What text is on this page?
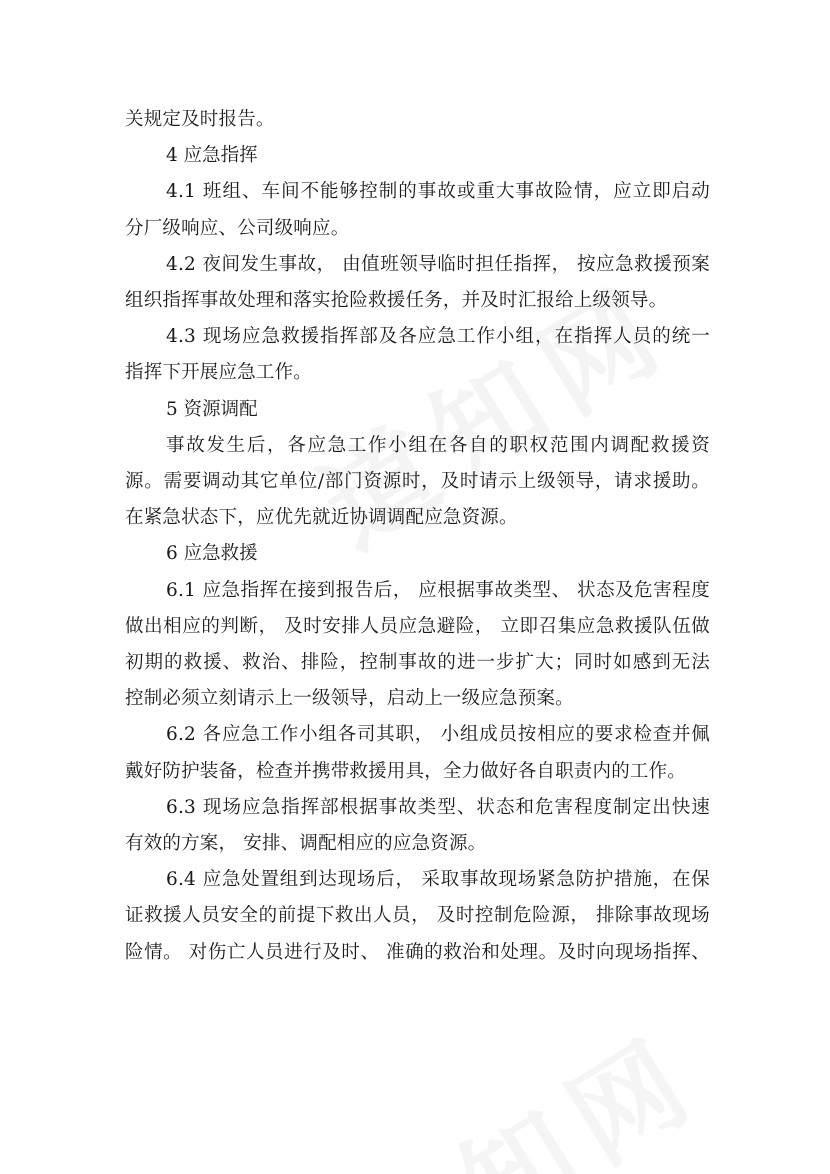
关规定及时报告。
4 应急指挥
4.1 班组、车间不能够控制的事故或重大事故险情，应立即启动
分厂级响应、公司级响应。
4.2 夜间发生事故， 由值班领导临时担任指挥， 按应急救援预案
组织指挥事故处理和落实抢险救援任务，并及时汇报给上级领导。
4.3 现场应急救援指挥部及各应急工作小组，在指挥人员的统一
指挥下开展应急工作。
5 资源调配
事故发生后，各应急工作小组在各自的职权范围内调配救援资
源。需要调动其它单位/部门资源时，及时请示上级领导，请求援助。
在紧急状态下，应优先就近协调调配应急资源。
6 应急救援
6.1 应急指挥在接到报告后， 应根据事故类型、 状态及危害程度
做出相应的判断， 及时安排人员应急避险， 立即召集应急救援队伍做
初期的救援、救治、排险，控制事故的进一步扩大；同时如感到无法
控制必须立刻请示上一级领导，启动上一级应急预案。
6.2 各应急工作小组各司其职， 小组成员按相应的要求检查并佩
戴好防护装备，检查并携带救援用具，全力做好各自职责内的工作。
6.3 现场应急指挥部根据事故类型、状态和危害程度制定出快速
有效的方案， 安排、调配相应的应急资源。
6.4 应急处置组到达现场后， 采取事故现场紧急防护措施，在保
证救援人员安全的前提下救出人员， 及时控制危险源， 排除事故现场
险情。 对伤亡人员进行及时、 准确的救治和处理。及时向现场指挥、
